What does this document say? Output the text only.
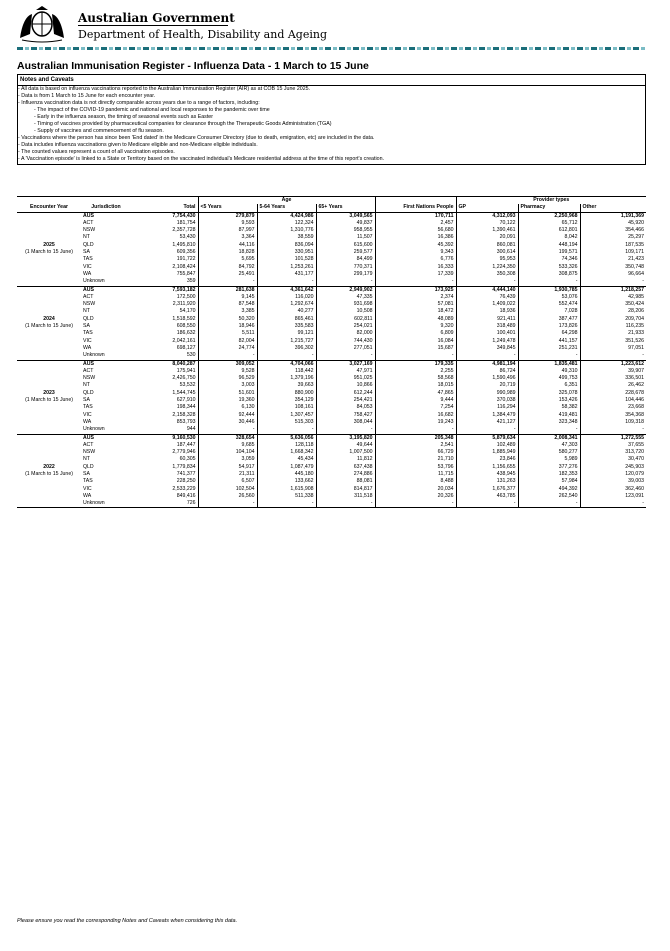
Australian Government
Department of Health, Disability and Ageing
Australian Immunisation Register - Influenza Data - 1 March to 15 June
Notes and Caveats
- All data is based on influenza vaccinations reported to the Australian Immunisation Register (AIR) as at COB 15 June 2025.
- Data is from 1 March to 15 June for each encounter year.
- Influenza vaccination data is not directly comparable across years due to a range of factors, including:
- The impact of the COVID-19 pandemic and national and local responses to the pandemic over time
- Early in the influenza season, the timing of seasonal events such as Easter
- Timing of vaccines provided by pharmaceutical companies for clearance through the Therapeutic Goods Administration (TGA)
- Supply of vaccines and commencement of flu season.
- Vaccinations where the person has since been 'End dated' in the Medicare Consumer Directory (due to death, emigration, etc) are included in the data.
- Data includes influenza vaccinations given to Medicare eligible and non-Medicare eligible individuals.
- The counted values represent a count of all vaccination episodes.
- A 'Vaccination episode' is linked to a State or Territory based on the vaccinated individual's Medicare residential address at the time of this report's creation.
			Age				Provider types		
Encounter Year	Jurisdiction	Total	<5 Years	5-64 Years	65+ Years	First Nations People	GP	Pharmacy	Other
2025
(1 March to 15 June)	AUS	7,754,430	279,879	4,424,986	3,049,565	170,711	4,312,093	2,250,968	1,191,369
	ACT	181,754	9,593	122,324	49,837	2,457	70,122	65,712	45,920
	NSW	2,357,728	87,997	1,310,776	958,955	56,680	1,390,461	612,801	354,466
	NT	53,430	3,364	38,559	11,507	16,386	20,091	8,042	25,297
	QLD	1,495,810	44,116	836,094	615,600	45,392	860,081	448,194	187,535
	SA	609,356	18,828	330,951	259,577	9,343	300,614	199,571	109,171
	TAS	191,722	5,695	101,528	84,499	6,776	95,953	74,346	21,423
	VIC	2,108,424	84,792	1,253,261	770,371	16,333	1,224,350	533,326	350,748
	WA	755,847	25,491	431,177	299,179	17,339	350,308	308,875	96,664
	Unknown	359	-	-	-	-	-	-	-
2024
(1 March to 15 June)	AUS	7,593,182	281,638	4,361,642	2,949,902	173,925	4,444,140	1,930,785	1,218,257
	ACT	172,500	9,145	116,020	47,335	2,374	76,439	53,076	42,985
	NSW	2,311,920	87,548	1,292,674	931,698	57,081	1,409,022	552,474	350,424
	NT	54,170	3,385	40,277	10,508	18,472	18,936	7,028	28,206
	QLD	1,518,592	50,320	865,461	602,811	48,089	921,411	387,477	209,704
	SA	608,550	18,946	335,583	254,021	9,320	318,489	173,826	116,235
	TAS	186,632	5,511	99,121	82,000	6,809	100,401	64,298	21,933
	VIC	2,042,161	82,004	1,215,727	744,430	16,084	1,249,478	441,157	351,526
	WA	698,127	24,774	396,302	277,051	15,687	349,845	251,231	97,051
	Unknown	530	-	-	-	-	-	-	-
2023
(1 March to 15 June)	AUS	8,040,287	309,052	4,704,066	3,027,169	179,335	4,981,194	1,835,481	1,223,612
	ACT	175,941	9,528	118,442	47,971	2,255	86,724	49,310	39,907
	NSW	2,426,750	96,529	1,379,196	951,025	58,568	1,590,496	499,753	336,501
	NT	53,532	3,003	39,663	10,866	18,015	20,719	6,351	26,462
	QLD	1,544,745	51,601	880,900	612,244	47,865	990,989	325,078	228,678
	SA	627,910	19,360	354,129	254,421	9,444	370,038	153,426	104,446
	TAS	198,344	6,130	108,161	84,053	7,254	116,294	58,382	23,668
	VIC	2,158,328	92,444	1,307,457	758,427	16,682	1,384,479	419,481	354,368
	WA	853,793	30,446	515,303	308,044	19,243	421,127	323,348	109,318
	Unknown	944	-	-	-	-	-	-	-
2022
(1 March to 15 June)	AUS	9,160,530	328,654	5,636,056	3,195,820	205,348	5,879,634	2,008,341	1,272,555
	ACT	187,447	9,685	128,118	49,644	2,541	102,489	47,303	37,655
	NSW	2,779,946	104,104	1,668,342	1,007,500	66,729	1,885,949	580,277	313,720
	NT	60,305	3,059	45,434	11,812	21,710	23,846	5,989	30,470
	QLD	1,779,834	54,917	1,087,479	637,438	53,796	1,156,655	377,276	245,903
	SA	741,377	21,311	445,180	274,886	11,715	438,945	182,353	120,079
	TAS	228,250	6,507	133,662	88,081	8,488	131,263	57,984	39,003
	VIC	2,533,229	102,504	1,615,908	814,817	20,034	1,676,377	494,392	362,460
	WA	849,416	26,560	511,338	311,518	20,326	463,785	262,540	123,091
	Unknown	726	-	-	-	-	-	-	-
Please ensure you read the corresponding Notes and Caveats when considering this data.
